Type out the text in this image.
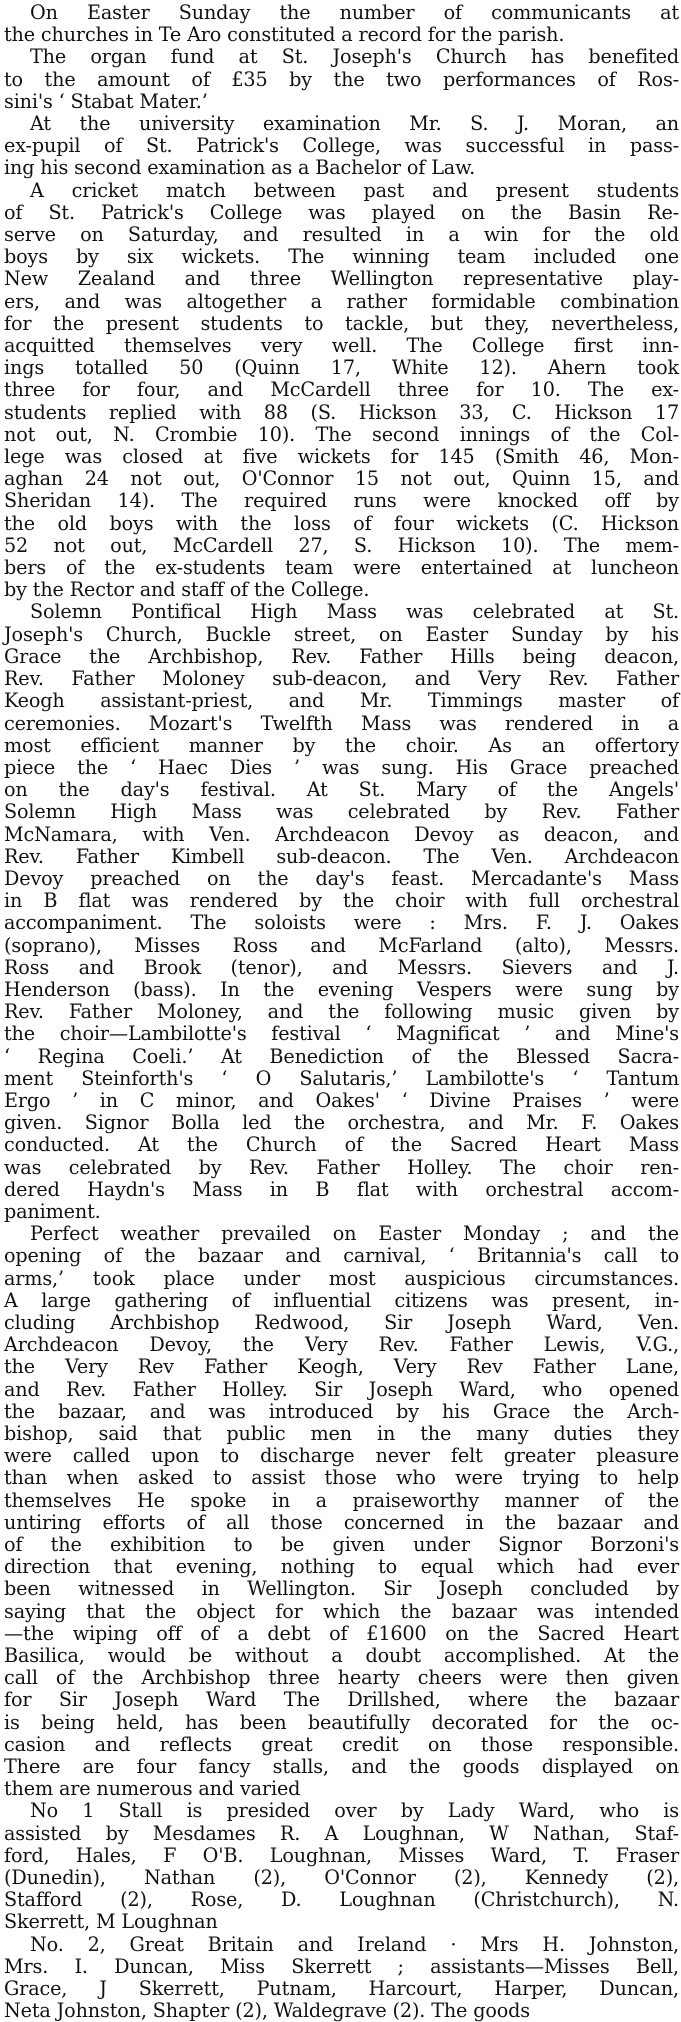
On Easter Sunday the number of communicants at
the churches in Te Aro constituted a record for the parish.
The organ fund at St. Joseph's Church has benefited
to the amount of £35 by the two performances of Ros-
sini's ‘ Stabat Mater.’
At the university examination Mr. S. J. Moran, an
ex-pupil of St. Patrick's College, was successful in pass-
ing his second examination as a Bachelor of Law.
A cricket match between past and present students
of St. Patrick's College was played on the Basin Re-
serve on Saturday, and resulted in a win for the old
boys by six wickets. The winning team included one
New Zealand and three Wellington representative play-
ers, and was altogether a rather formidable combination
for the present students to tackle, but they, nevertheless,
acquitted themselves very well. The College first inn-
ings totalled 50 (Quinn 17, White 12). Ahern took
three for four, and McCardell three for 10. The ex-
students replied with 88 (S. Hickson 33, C. Hickson 17
not out, N. Crombie 10). The second innings of the Col-
lege was closed at five wickets for 145 (Smith 46, Mon-
aghan 24 not out, O'Connor 15 not out, Quinn 15, and
Sheridan 14). The required runs were knocked off by
the old boys with the loss of four wickets (C. Hickson
52 not out, McCardell 27, S. Hickson 10). The mem-
bers of the ex-students team were entertained at luncheon
by the Rector and staff of the College.
Solemn Pontifical High Mass was celebrated at St.
Joseph's Church, Buckle street, on Easter Sunday by his
Grace the Archbishop, Rev. Father Hills being deacon,
Rev. Father Moloney sub-deacon, and Very Rev. Father
Keogh assistant-priest, and Mr. Timmings master of
ceremonies. Mozart's Twelfth Mass was rendered in a
most efficient manner by the choir. As an offertory
piece the ‘ Haec Dies ’ was sung. His Grace preached
on the day's festival. At St. Mary of the Angels'
Solemn High Mass was celebrated by Rev. Father
McNamara, with Ven. Archdeacon Devoy as deacon, and
Rev. Father Kimbell sub-deacon. The Ven. Archdeacon
Devoy preached on the day's feast. Mercadante's Mass
in B flat was rendered by the choir with full orchestral
accompaniment. The soloists were : Mrs. F. J. Oakes
(soprano), Misses Ross and McFarland (alto), Messrs.
Ross and Brook (tenor), and Messrs. Sievers and J.
Henderson (bass). In the evening Vespers were sung by
Rev. Father Moloney, and the following music given by
the choir—Lambilotte's festival ‘ Magnificat ’ and Mine's
‘ Regina Coeli.’ At Benediction of the Blessed Sacra-
ment Steinforth's ‘ O Salutaris,’ Lambilotte's ‘ Tantum
Ergo ’ in C minor, and Oakes' ‘ Divine Praises ’ were
given. Signor Bolla led the orchestra, and Mr. F. Oakes
conducted. At the Church of the Sacred Heart Mass
was celebrated by Rev. Father Holley. The choir ren-
dered Haydn's Mass in B flat with orchestral accom-
paniment.
Perfect weather prevailed on Easter Monday ; and the
opening of the bazaar and carnival, ‘ Britannia's call to
arms,’ took place under most auspicious circumstances.
A large gathering of influential citizens was present, in-
cluding Archbishop Redwood, Sir Joseph Ward, Ven.
Archdeacon Devoy, the Very Rev. Father Lewis, V.G.,
the Very Rev Father Keogh, Very Rev Father Lane,
and Rev. Father Holley. Sir Joseph Ward, who opened
the bazaar, and was introduced by his Grace the Arch-
bishop, said that public men in the many duties they
were called upon to discharge never felt greater pleasure
than when asked to assist those who were trying to help
themselves He spoke in a praiseworthy manner of the
untiring efforts of all those concerned in the bazaar and
of the exhibition to be given under Signor Borzoni's
direction that evening, nothing to equal which had ever
been witnessed in Wellington. Sir Joseph concluded by
saying that the object for which the bazaar was intended
—the wiping off of a debt of £1600 on the Sacred Heart
Basilica, would be without a doubt accomplished. At the
call of the Archbishop three hearty cheers were then given
for Sir Joseph Ward The Drillshed, where the bazaar
is being held, has been beautifully decorated for the oc-
casion and reflects great credit on those responsible.
There are four fancy stalls, and the goods displayed on
them are numerous and varied
No 1 Stall is presided over by Lady Ward, who is
assisted by Mesdames R. A Loughnan, W Nathan, Staf-
ford, Hales, F O'B. Loughnan, Misses Ward, T. Fraser
(Dunedin), Nathan (2), O'Connor (2), Kennedy (2),
Stafford (2), Rose, D. Loughnan (Christchurch), N.
Skerrett, M Loughnan
No. 2, Great Britain and Ireland · Mrs H. Johnston,
Mrs. I. Duncan, Miss Skerrett ; assistants—Misses Bell,
Grace, J Skerrett, Putnam, Harcourt, Harper, Duncan,
Neta Johnston, Shapter (2), Waldegrave (2). The goods
